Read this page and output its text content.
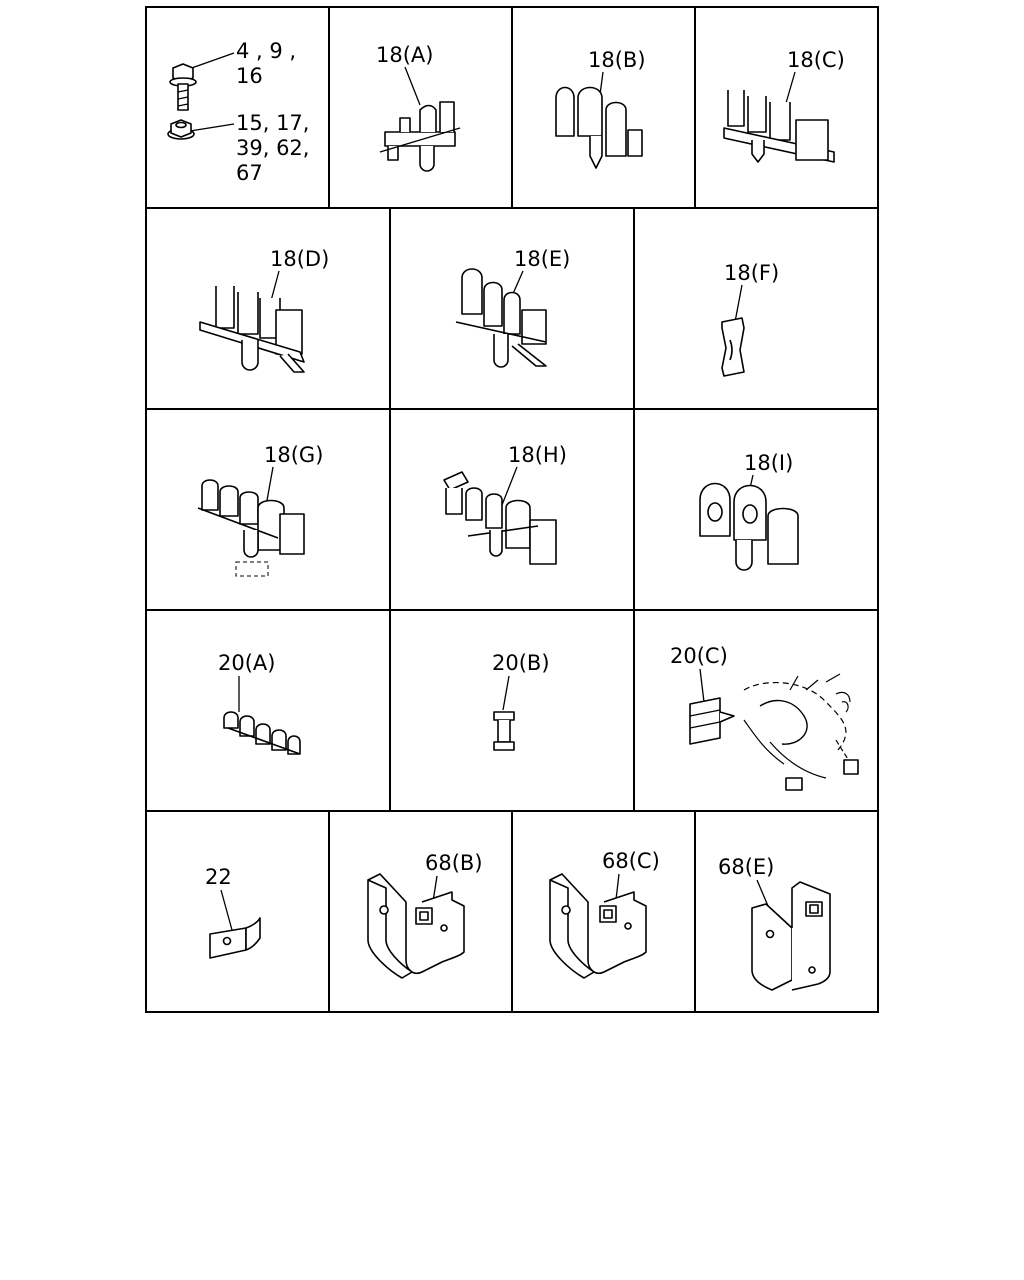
4 , 9 ,
16
15, 17,
39, 62,
67
18(A)	18(B)	18(C)
18(D)	18(E)
18(F)
18(G)	18(H)	18(I)
20(A)	20(B)	20(C)
22
68(B)	68(C)	68(E)
